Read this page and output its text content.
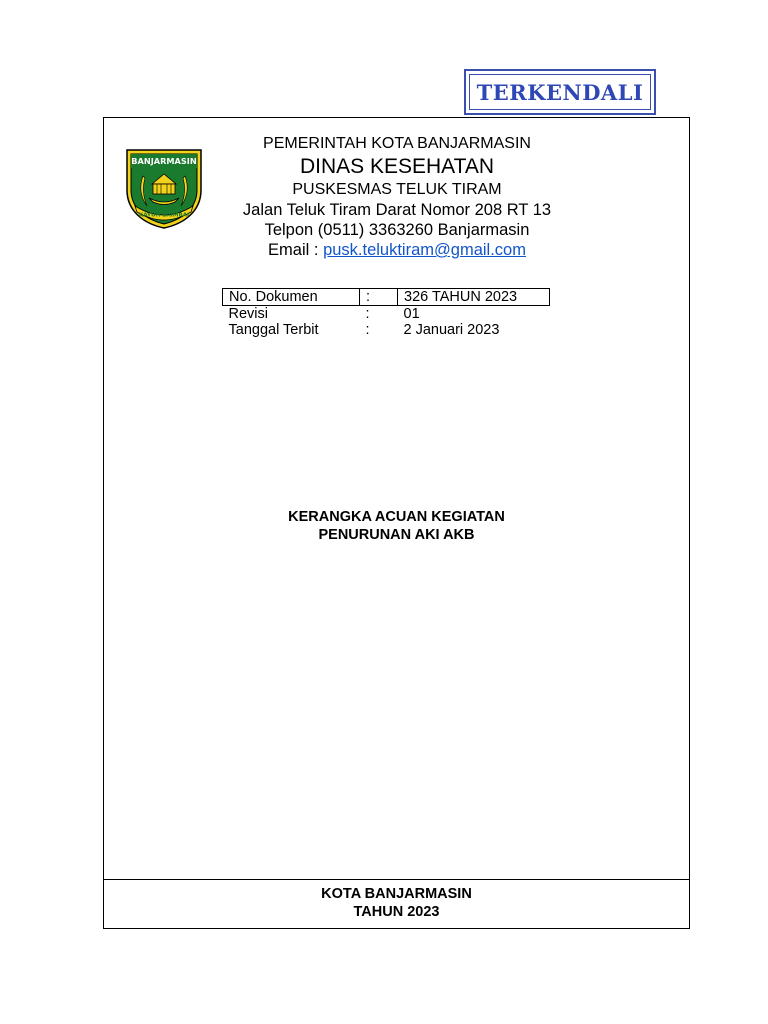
TERKENDALI
BANJARMASIN
KAYUH BAIMBAI
PEMERINTAH KOTA BANJARMASIN
DINAS KESEHATAN
PUSKESMAS TELUK TIRAM
Jalan Teluk Tiram Darat Nomor 208 RT 13
Telpon (0511) 3363260 Banjarmasin
Email : pusk.teluktiram@gmail.com
No. Dokumen	:	326 TAHUN 2023
Revisi	:	01
Tanggal Terbit	:	2 Januari 2023
KERANGKA ACUAN KEGIATAN
PENURUNAN AKI AKB
KOTA BANJARMASIN
TAHUN 2023
